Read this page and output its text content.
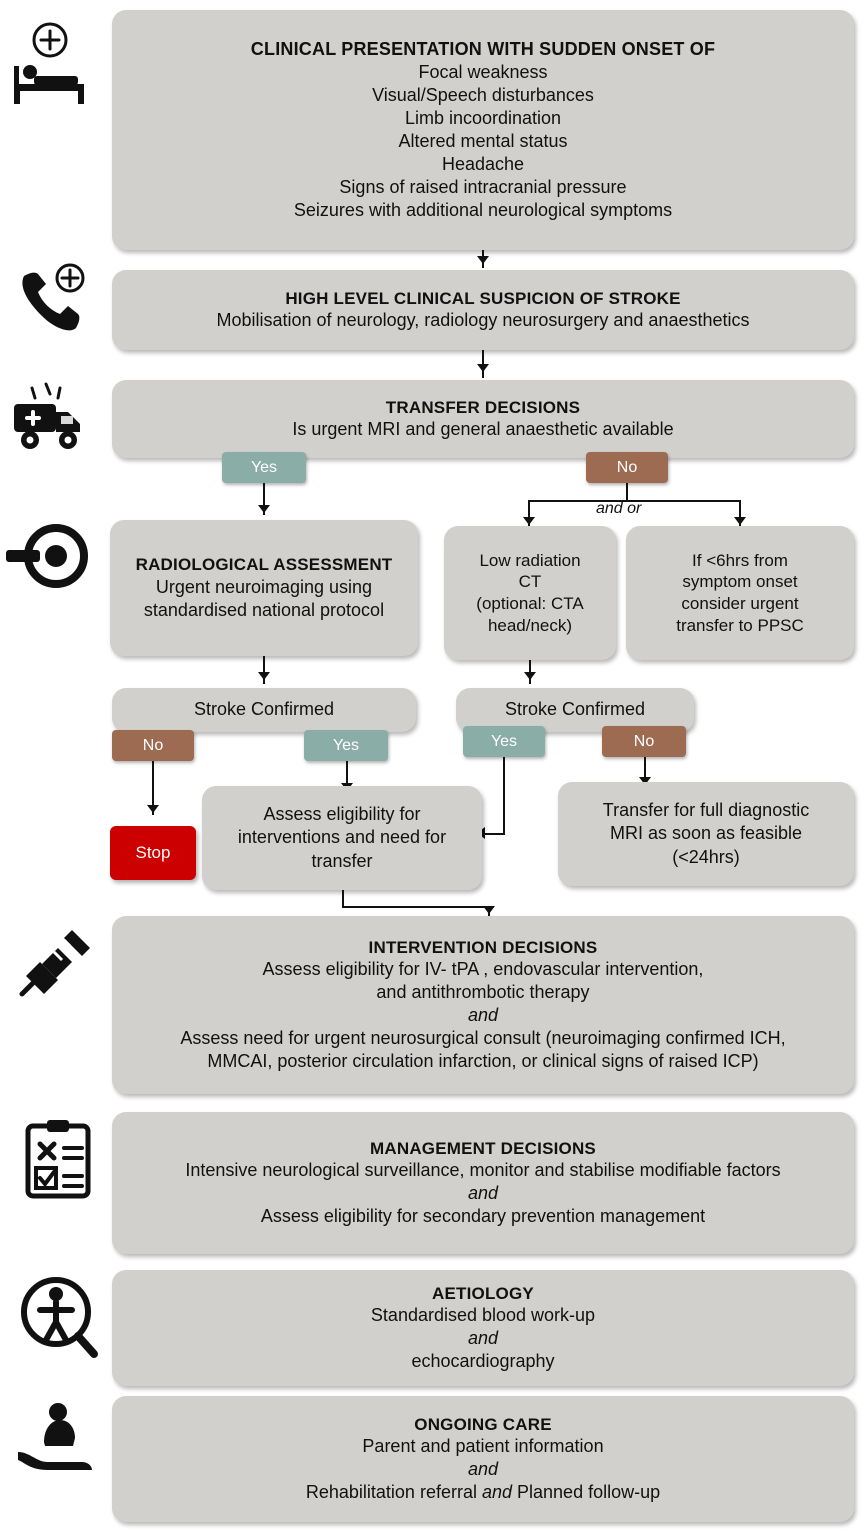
CLINICAL PRESENTATION WITH SUDDEN ONSET OF
Focal weakness
Visual/Speech disturbances
Limb incoordination
Altered mental status
Headache
Signs of raised intracranial pressure
Seizures with additional neurological symptoms
HIGH LEVEL CLINICAL SUSPICION OF STROKE
Mobilisation of neurology, radiology neurosurgery and anaesthetics
TRANSFER DECISIONS
Is urgent MRI and general anaesthetic available
Yes	No
and or
RADIOLOGICAL ASSESSMENT
Urgent neuroimaging using
standardised national protocol
Low radiation
CT
(optional: CTA
head/neck)
If <6hrs from
symptom onset
consider urgent
transfer to PPSC
Stroke Confirmed	Stroke Confirmed
No	Yes	Yes	No
Stop
Assess eligibility for
interventions and need for
transfer
Transfer for full diagnostic
MRI as soon as feasible
(<24hrs)
INTERVENTION DECISIONS
Assess eligibility for IV- tPA , endovascular intervention,
and antithrombotic therapy
and
Assess need for urgent neurosurgical consult (neuroimaging confirmed ICH,
MMCAI, posterior circulation infarction, or clinical signs of raised ICP)
MANAGEMENT DECISIONS
Intensive neurological surveillance, monitor and stabilise modifiable factors
and
Assess eligibility for secondary prevention management
AETIOLOGY
Standardised blood work-up
and
echocardiography
ONGOING CARE
Parent and patient information
and
Rehabilitation referral and Planned follow-up
